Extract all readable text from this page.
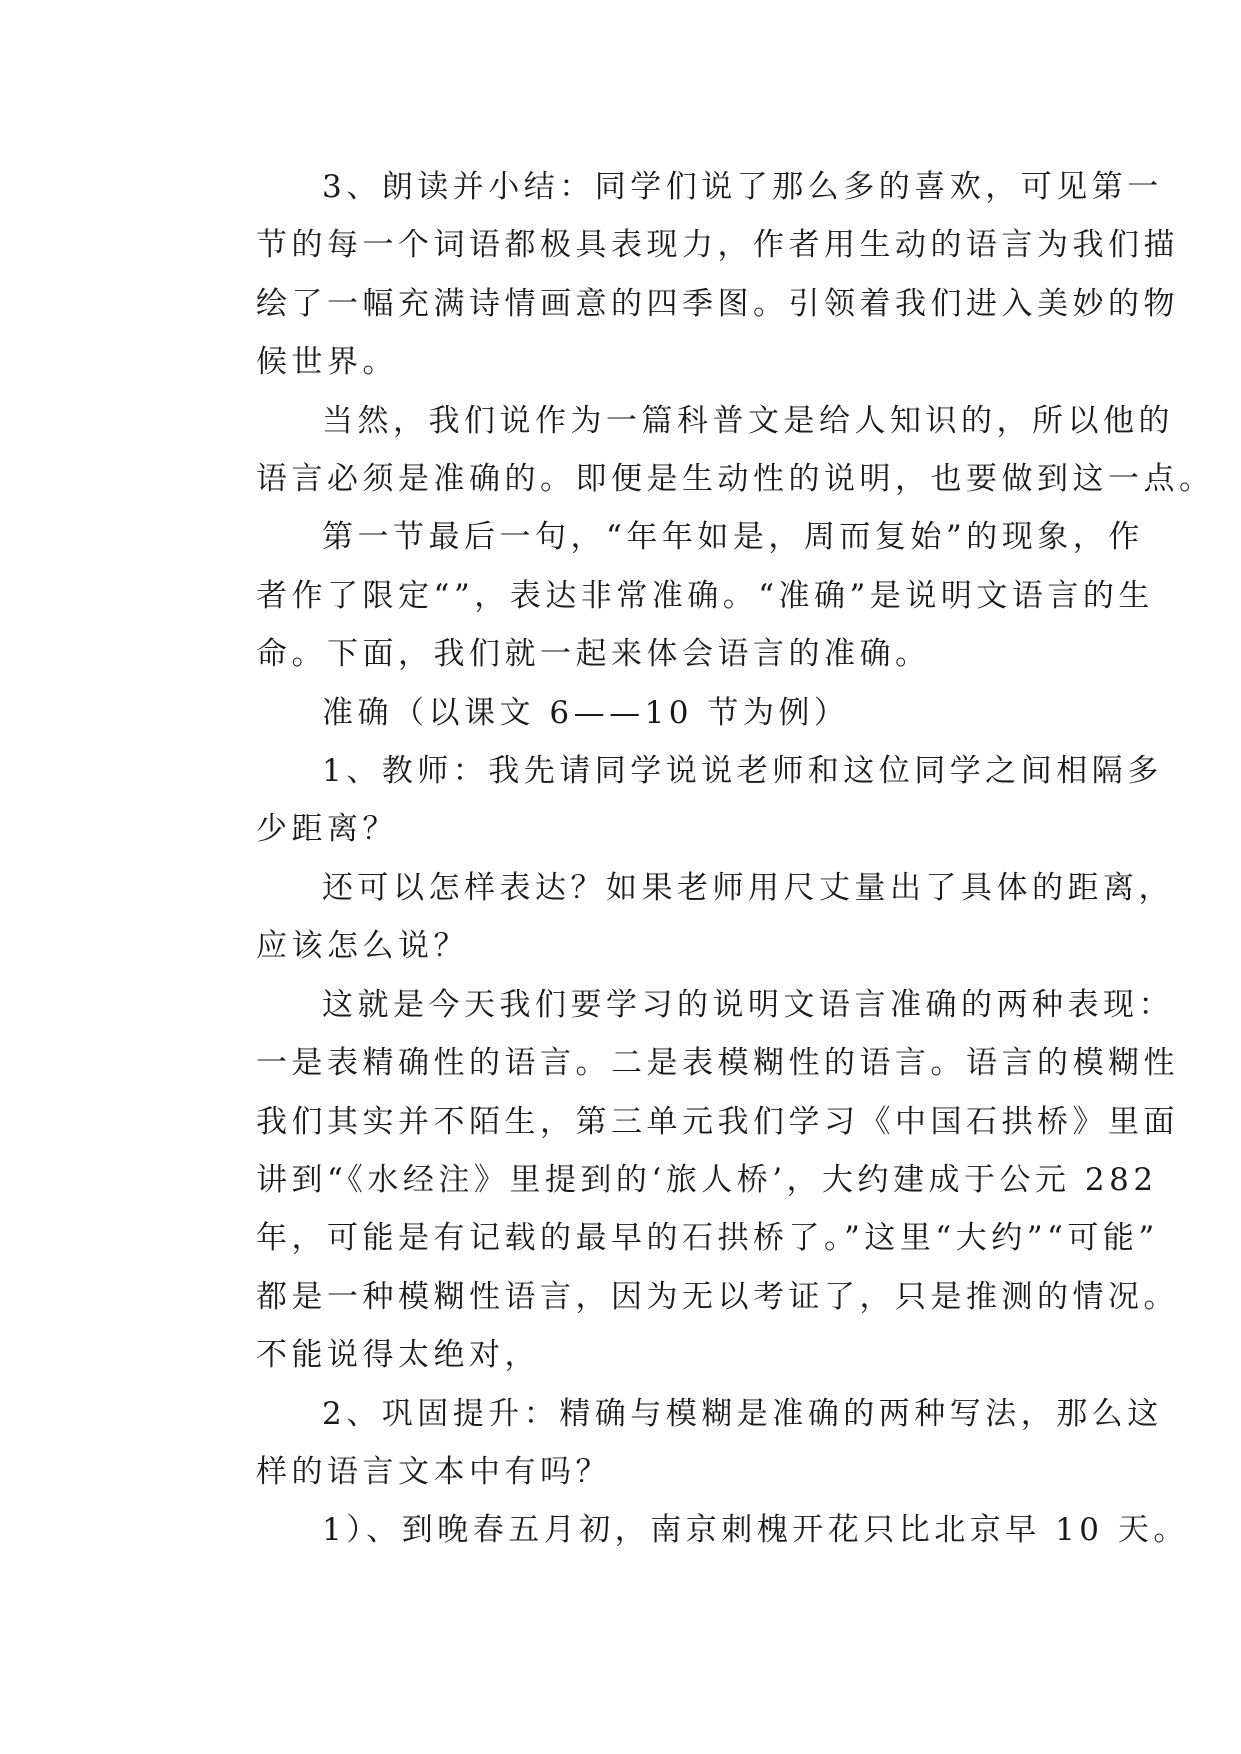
3、朗读并小结：同学们说了那么多的喜欢，可见第一
节的每一个词语都极具表现力，作者用生动的语言为我们描
绘了一幅充满诗情画意的四季图。引领着我们进入美妙的物
候世界。
当然，我们说作为一篇科普文是给人知识的，所以他的
语言必须是准确的。即便是生动性的说明，也要做到这一点。
第一节最后一句，“年年如是，周而复始”的现象，作
者作了限定“”，表达非常准确。“准确”是说明文语言的生
命。下面，我们就一起来体会语言的准确。
准确（以课文 6——10 节为例）
1、教师：我先请同学说说老师和这位同学之间相隔多
少距离？
还可以怎样表达？如果老师用尺丈量出了具体的距离，
应该怎么说？
这就是今天我们要学习的说明文语言准确的两种表现：
一是表精确性的语言。二是表模糊性的语言。语言的模糊性
我们其实并不陌生，第三单元我们学习《中国石拱桥》里面
讲到“《水经注》里提到的‘旅人桥’，大约建成于公元 282
年，可能是有记载的最早的石拱桥了。”这里“大约”“可能”
都是一种模糊性语言，因为无以考证了，只是推测的情况。
不能说得太绝对，
2、巩固提升：精确与模糊是准确的两种写法，那么这
样的语言文本中有吗？
1）、到晚春五月初，南京刺槐开花只比北京早 10 天。
